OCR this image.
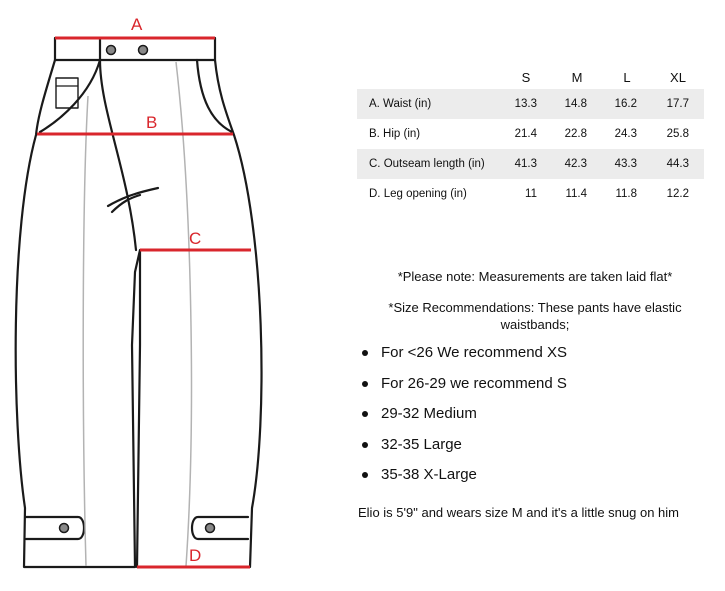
A
B
C
D
	S	M	L	XL
A. Waist (in)	13.3	14.8	16.2	17.7
B. Hip (in)	21.4	22.8	24.3	25.8
C. Outseam length (in)	41.3	42.3	43.3	44.3
D. Leg opening (in)	11	11.4	11.8	12.2
*Please note: Measurements are taken laid flat*
*Size Recommendations: These pants have elastic waistbands;
For <26 We recommend XS
For 26-29 we recommend S
29-32 Medium
32-35 Large
35-38 X-Large
Elio is 5'9" and wears size M and it's a little snug on him
